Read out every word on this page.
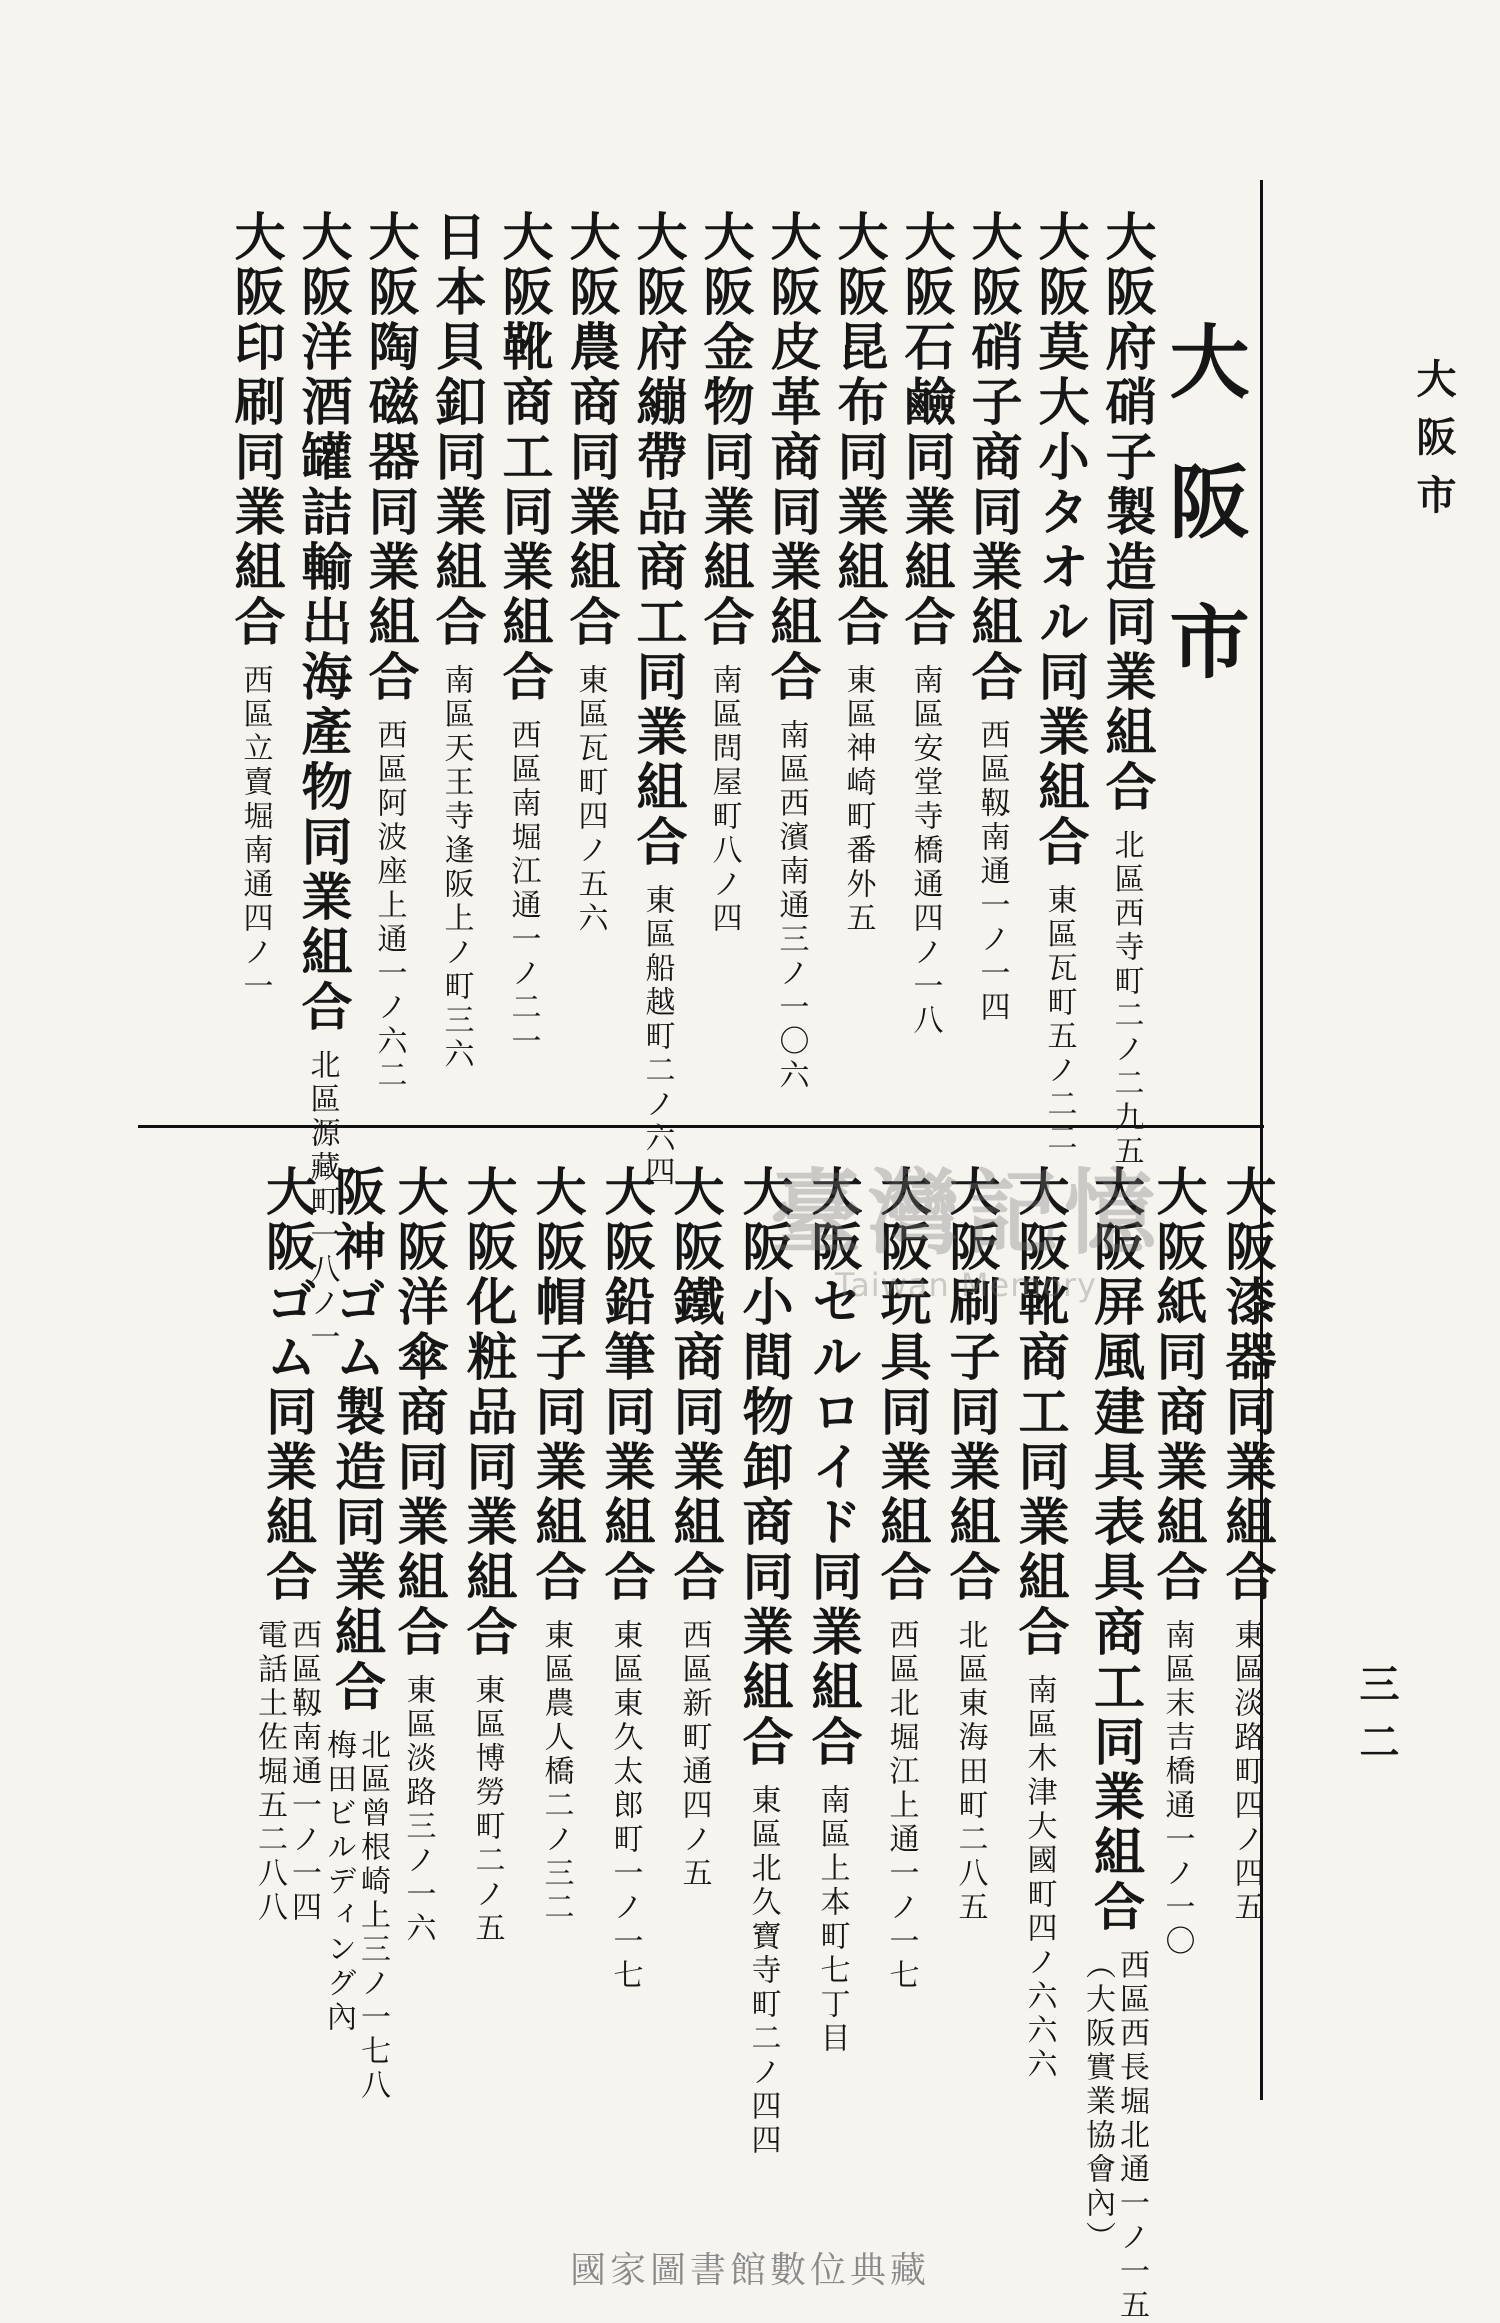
大阪市
三二
大阪市
大阪府硝子製造同業組合
北區西寺町二ノ二九五
大阪莫大小タオル同業組合
東區瓦町五ノ二二
大阪硝子商同業組合
西區靱南通一ノ一四
大阪石鹼同業組合
南區安堂寺橋通四ノ一八
大阪昆布同業組合
東區神崎町番外五
大阪皮革商同業組合
南區西濱南通三ノ一〇六
大阪金物同業組合
南區問屋町八ノ四
大阪府繃帶品商工同業組合
東區船越町二ノ六四
大阪農商同業組合
東區瓦町四ノ五六
大阪靴商工同業組合
西區南堀江通一ノ二一
日本貝釦同業組合
南區天王寺逢阪上ノ町三六
大阪陶磁器同業組合
西區阿波座上通一ノ六二
大阪洋酒罐詰輸出海產物同業組合
北區源藏町一八ノ一
大阪印刷同業組合
西區立賣堀南通四ノ一
大阪漆器同業組合
東區淡路町四ノ四五
大阪紙同商業組合
南區末吉橋通一ノ一〇
大阪屏風建具表具商工同業組合
西區西長堀北通一ノ一五
（大阪實業協會內）
大阪靴商工同業組合
南區木津大國町四ノ六六六
大阪刷子同業組合
北區東海田町二八五
大阪玩具同業組合
西區北堀江上通一ノ一七
大阪セルロイド同業組合
南區上本町七丁目
大阪小間物卸商同業組合
東區北久寶寺町二ノ四四
大阪鐵商同業組合
西區新町通四ノ五
大阪鉛筆同業組合
東區東久太郎町一ノ一七
大阪帽子同業組合
東區農人橋二ノ三二
大阪化粧品同業組合
東區博勞町二ノ五
大阪洋傘商同業組合
東區淡路三ノ一六
阪神ゴム製造同業組合
北區曾根崎上三ノ一七八
梅田ビルディング內
大阪ゴム同業組合
西區靱南通一ノ一四
電話土佐堀五二八八
臺灣記憶
Taiwan Memory
國家圖書館數位典藏
